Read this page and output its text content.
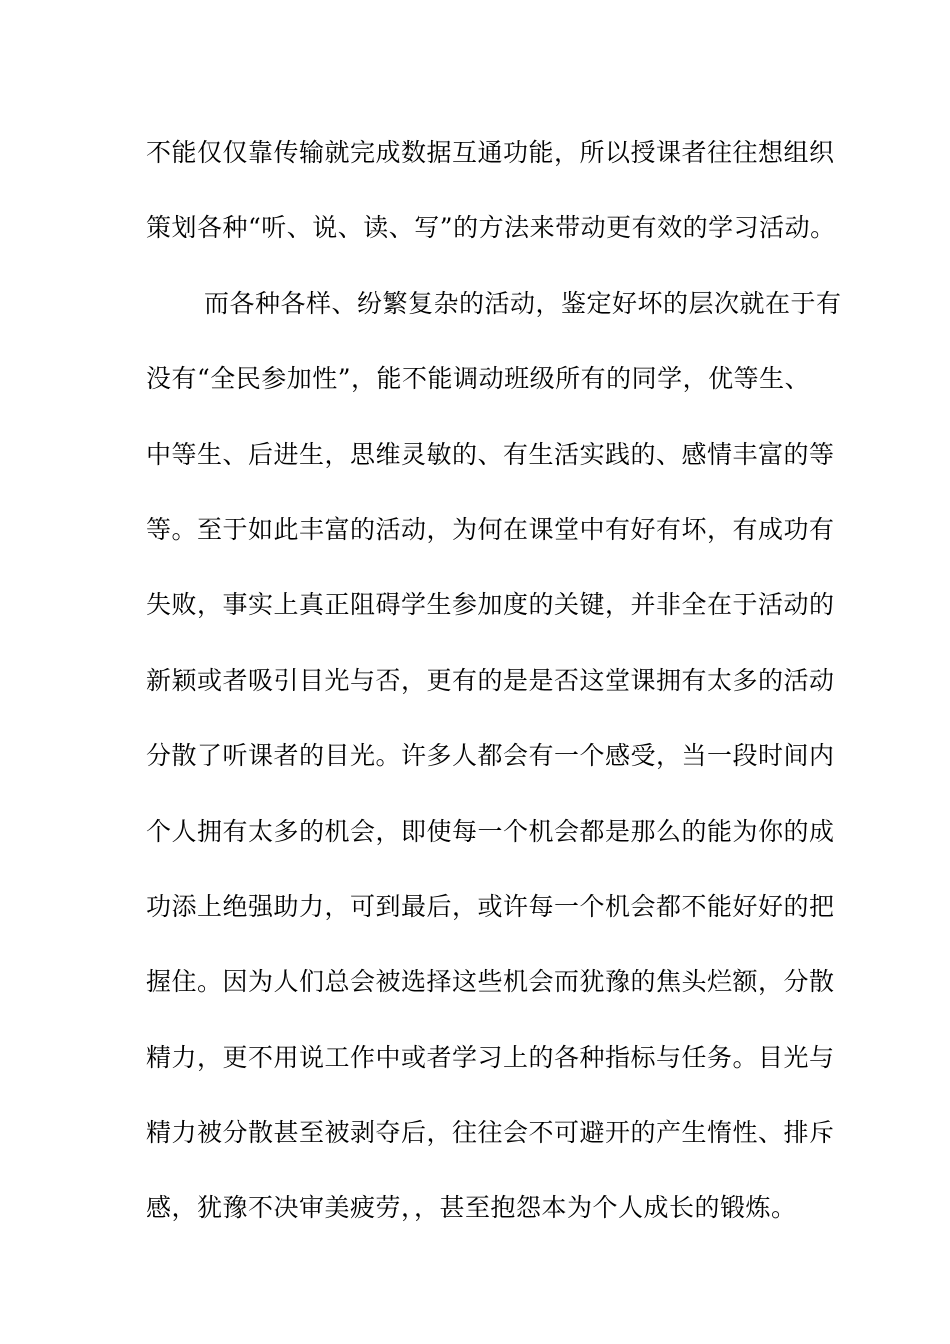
不能仅仅靠传输就完成数据互通功能，所以授课者往往想组织
策划各种“听、说、读、写”的方法来带动更有效的学习活动。
而各种各样、纷繁复杂的活动，鉴定好坏的层次就在于有
没有“全民参加性”，能不能调动班级所有的同学，优等生、
中等生、后进生，思维灵敏的、有生活实践的、感情丰富的等
等。至于如此丰富的活动，为何在课堂中有好有坏，有成功有
失败，事实上真正阻碍学生参加度的关键，并非全在于活动的
新颖或者吸引目光与否，更有的是是否这堂课拥有太多的活动
分散了听课者的目光。许多人都会有一个感受，当一段时间内
个人拥有太多的机会，即使每一个机会都是那么的能为你的成
功添上绝强助力，可到最后，或许每一个机会都不能好好的把
握住。因为人们总会被选择这些机会而犹豫的焦头烂额，分散
精力，更不用说工作中或者学习上的各种指标与任务。目光与
精力被分散甚至被剥夺后，往往会不可避开的产生惰性、排斥
感，犹豫不决审美疲劳，，甚至抱怨本为个人成长的锻炼。
